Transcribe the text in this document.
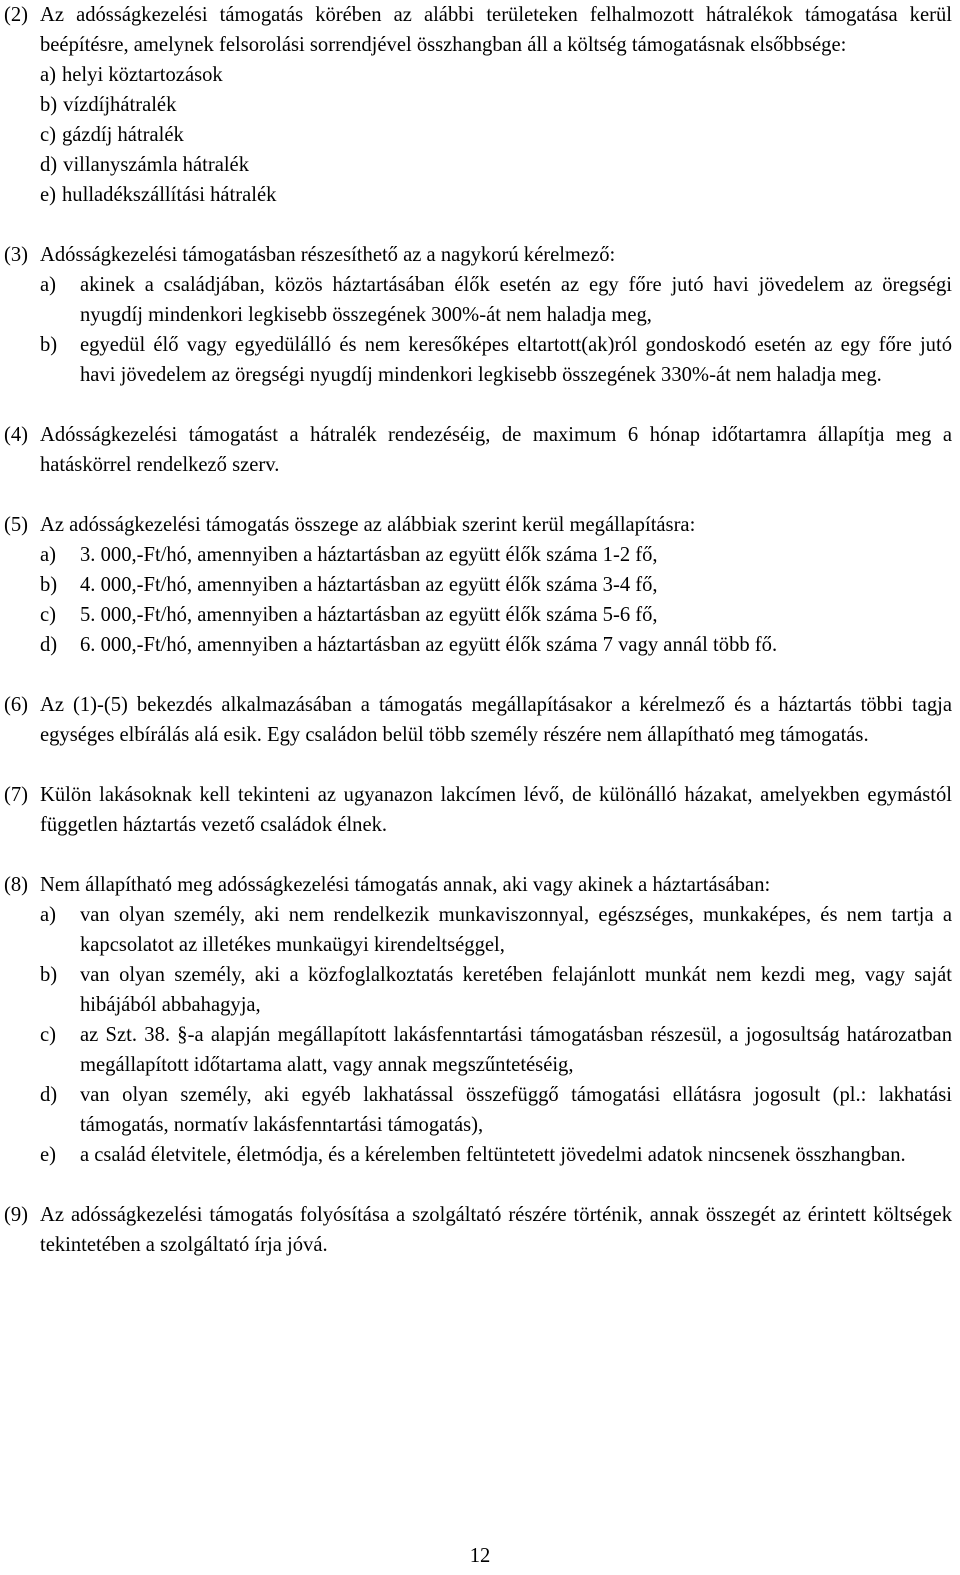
(2) Az adósságkezelési támogatás körében az alábbi területeken felhalmozott hátralékok támogatása kerül beépítésre, amelynek felsorolási sorrendjével összhangban áll a költség támogatásnak elsőbbsége:
a) helyi köztartozások
b) vízdíjhátralék
c) gázdíj hátralék
d) villanyszámla hátralék
e) hulladékszállítási hátralék
(3) Adósságkezelési támogatásban részesíthető az a nagykorú kérelmező:
a) akinek a családjában, közös háztartásában élők esetén az egy főre jutó havi jövedelem az öregségi nyugdíj mindenkori legkisebb összegének 300%-át nem haladja meg,
b) egyedül élő vagy egyedülálló és nem keresőképes eltartott(ak)ról gondoskodó esetén az egy főre jutó havi jövedelem az öregségi nyugdíj mindenkori legkisebb összegének 330%-át nem haladja meg.
(4) Adósságkezelési támogatást a hátralék rendezéséig, de maximum 6 hónap időtartamra állapítja meg a hatáskörrel rendelkező szerv.
(5) Az adósságkezelési támogatás összege az alábbiak szerint kerül megállapításra:
a) 3. 000,-Ft/hó, amennyiben a háztartásban az együtt élők száma 1-2 fő,
b) 4. 000,-Ft/hó, amennyiben a háztartásban az együtt élők száma 3-4 fő,
c) 5. 000,-Ft/hó, amennyiben a háztartásban az együtt élők száma 5-6 fő,
d) 6. 000,-Ft/hó, amennyiben a háztartásban az együtt élők száma 7 vagy annál több fő.
(6) Az (1)-(5) bekezdés alkalmazásában a támogatás megállapításakor a kérelmező és a háztartás többi tagja egységes elbírálás alá esik. Egy családon belül több személy részére nem állapítható meg támogatás.
(7) Külön lakásoknak kell tekinteni az ugyanazon lakcímen lévő, de különálló házakat, amelyekben egymástól független háztartás vezető családok élnek.
(8) Nem állapítható meg adósságkezelési támogatás annak, aki vagy akinek a háztartásában:
a) van olyan személy, aki nem rendelkezik munkaviszonnyal, egészséges, munkaképes, és nem tartja a kapcsolatot az illetékes munkaügyi kirendeltséggel,
b) van olyan személy, aki a közfoglalkoztatás keretében felajánlott munkát nem kezdi meg, vagy saját hibájából abbahagyja,
c) az Szt. 38. §-a alapján megállapított lakásfenntartási támogatásban részesül, a jogosultság határozatban megállapított időtartama alatt, vagy annak megszűntetéséig,
d) van olyan személy, aki egyéb lakhatással összefüggő támogatási ellátásra jogosult (pl.: lakhatási támogatás, normatív lakásfenntartási támogatás),
e) a család életvitele, életmódja, és a kérelemben feltüntetett jövedelmi adatok nincsenek összhangban.
(9) Az adósságkezelési támogatás folyósítása a szolgáltató részére történik, annak összegét az érintett költségek tekintetében a szolgáltató írja jóvá.
12
